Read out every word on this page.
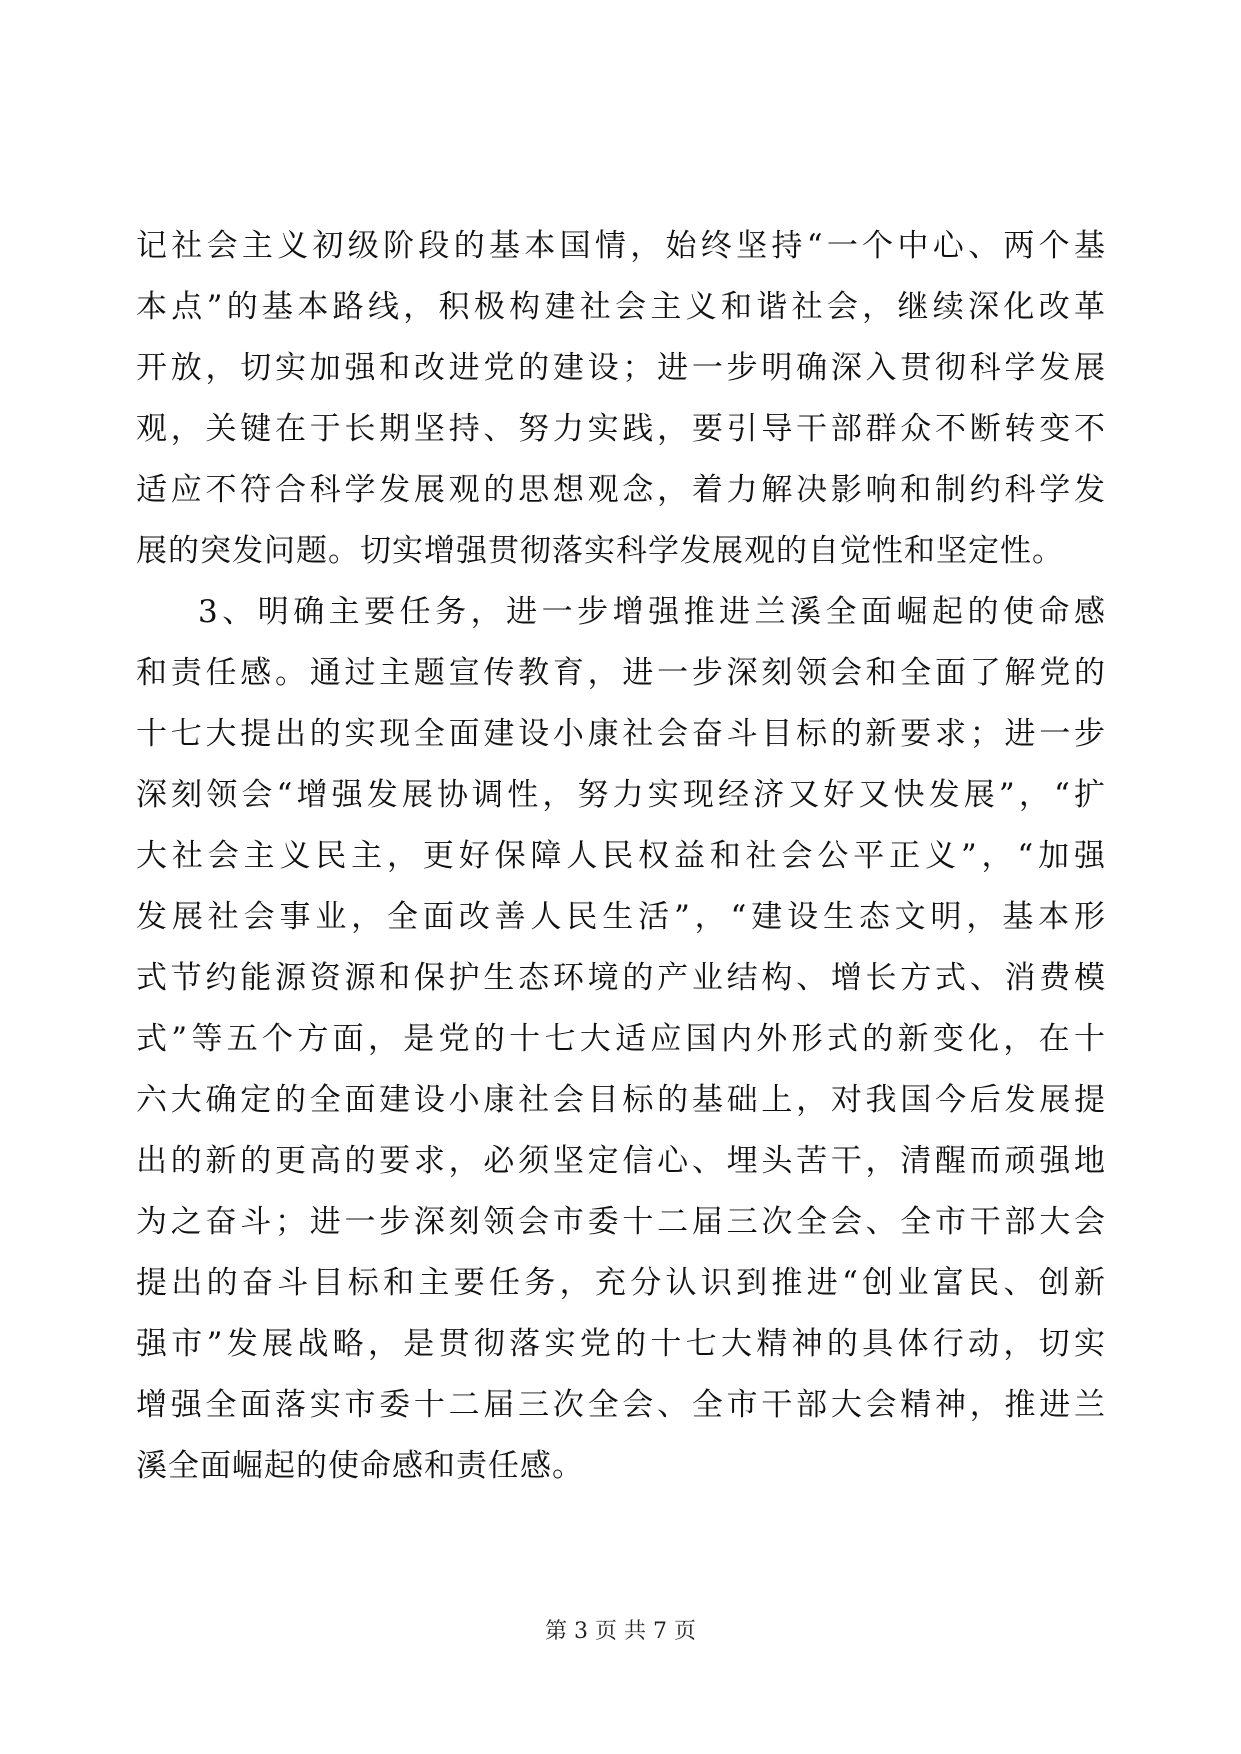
记社会主义初级阶段的基本国情，始终坚持“一个中心、两个基
本点”的基本路线，积极构建社会主义和谐社会，继续深化改革
开放，切实加强和改进党的建设；进一步明确深入贯彻科学发展
观，关键在于长期坚持、努力实践，要引导干部群众不断转变不
适应不符合科学发展观的思想观念，着力解决影响和制约科学发
展的突发问题。切实增强贯彻落实科学发展观的自觉性和坚定性。
3、明确主要任务，进一步增强推进兰溪全面崛起的使命感
和责任感。通过主题宣传教育，进一步深刻领会和全面了解党的
十七大提出的实现全面建设小康社会奋斗目标的新要求；进一步
深刻领会“增强发展协调性，努力实现经济又好又快发展”，“扩
大社会主义民主，更好保障人民权益和社会公平正义”，“加强
发展社会事业，全面改善人民生活”，“建设生态文明，基本形
式节约能源资源和保护生态环境的产业结构、增长方式、消费模
式”等五个方面，是党的十七大适应国内外形式的新变化，在十
六大确定的全面建设小康社会目标的基础上，对我国今后发展提
出的新的更高的要求，必须坚定信心、埋头苦干，清醒而顽强地
为之奋斗；进一步深刻领会市委十二届三次全会、全市干部大会
提出的奋斗目标和主要任务，充分认识到推进“创业富民、创新
强市”发展战略，是贯彻落实党的十七大精神的具体行动，切实
增强全面落实市委十二届三次全会、全市干部大会精神，推进兰
溪全面崛起的使命感和责任感。
第 3 页 共 7 页
